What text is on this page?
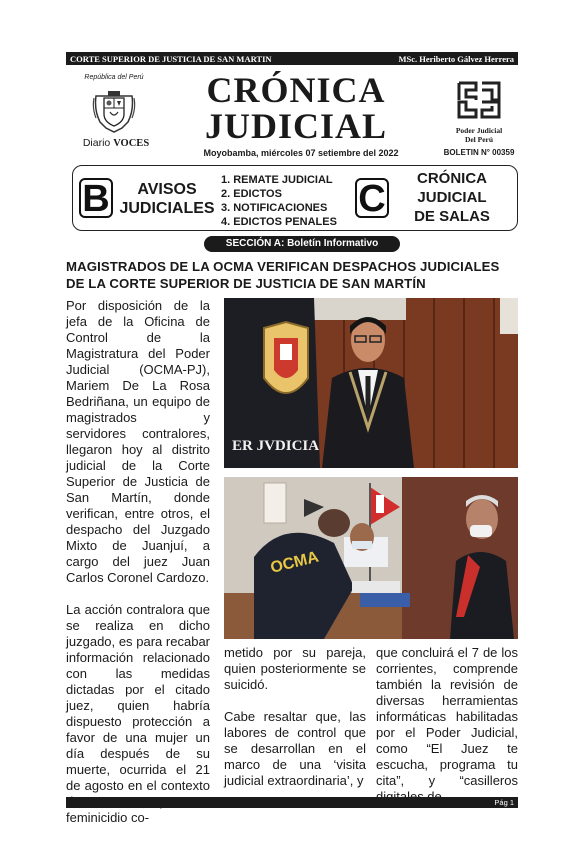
CORTE SUPERIOR DE JUSTICIA DE SAN MARTIN	MSc. Heriberto Gálvez Herrera
República del Perú
Diario VOCES
CRÓNICA
JUDICIAL
Moyobamba, miércoles 07 setiembre del 2022
Poder Judicial
Del Perú
BOLETIN N° 00359
B	AVISOS
JUDICIALES
1. REMATE JUDICIAL
2. EDICTOS
3. NOTIFICACIONES
4. EDICTOS PENALES
C	CRÓNICA
JUDICIAL
DE SALAS
SECCIÓN A: Boletín Informativo
MAGISTRADOS DE LA OCMA VERIFICAN DESPACHOS JUDICIALES
DE LA CORTE SUPERIOR DE JUSTICIA DE SAN MARTÍN

Por disposición de la jefa de la Oficina de Control de la Magistratura del Poder Judicial (OCMA-PJ), Mariem De La Rosa Bedriñana, un equipo de magistrados y servidores contralores, llegaron hoy al distrito judicial de la Corte Superior de Justicia de San Martín, donde verifican, entre otros, el despacho del Juzgado Mixto de Juanjuí, a cargo del juez Juan Carlos Coronel Cardozo.

La acción contralora que se realiza en dicho juzgado, es para recabar información relacionado con las medidas dictadas por el citado juez, quien habría dispuesto protección a favor de una mujer un día después de su muerte, ocurrida el 21 de agosto en el contexto feminicidio co-

ER JVDICIA
OCMA

metido por su pareja, quien posteriormente se suicidó.

Cabe resaltar que, las labores de control que se desarrollan en el marco de una ‘visita judicial extraordinaria’, y

que concluirá el 7 de los corrientes, comprende también la revisión de diversas herramientas informáticas habilitadas por el Poder Judicial, como “El Juez te escucha, programa tu cita”, y “casilleros

Pág 1
